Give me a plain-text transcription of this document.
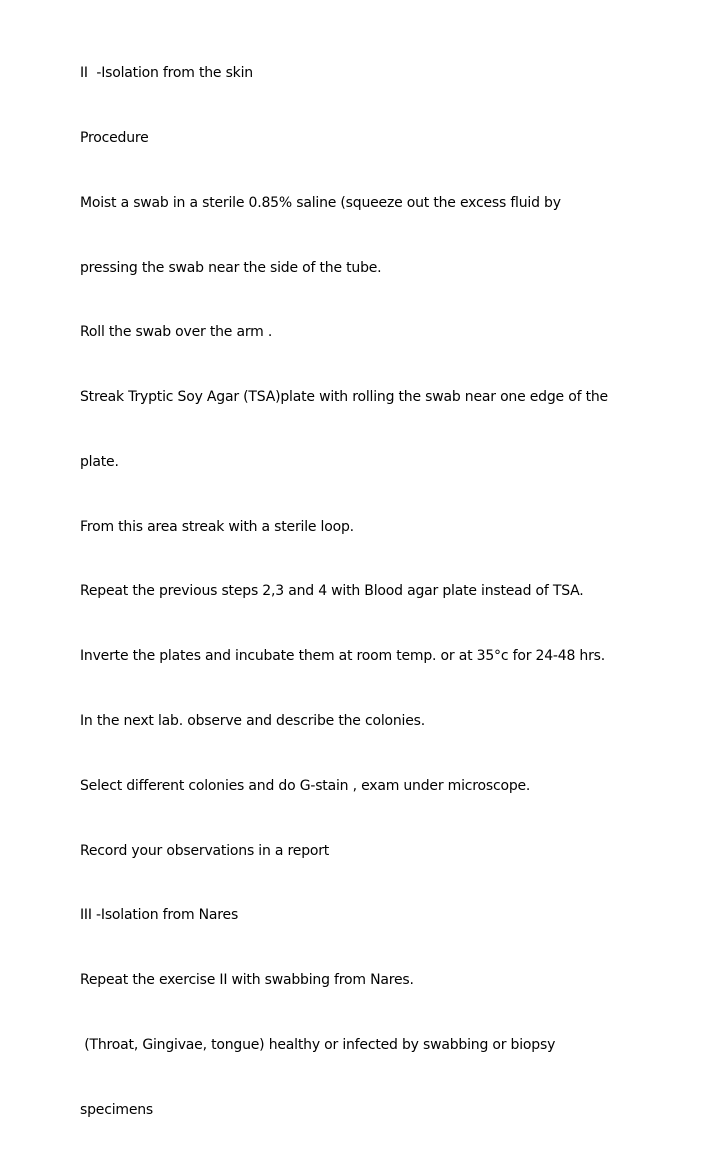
II  -Isolation from the skin

Procedure

Moist a swab in a sterile 0.85% saline (squeeze out the excess fluid by

pressing the swab near the side of the tube.

Roll the swab over the arm .

Streak Tryptic Soy Agar (TSA)plate with rolling the swab near one edge of the

plate.

From this area streak with a sterile loop.

Repeat the previous steps 2,3 and 4 with Blood agar plate instead of TSA.

Inverte the plates and incubate them at room temp. or at 35°c for 24-48 hrs.

In the next lab. observe and describe the colonies.

Select different colonies and do G-stain , exam under microscope.

Record your observations in a report

III -Isolation from Nares

Repeat the exercise II with swabbing from Nares.

(Throat, Gingivae, tongue) healthy or infected by swabbing or biopsy

specimens
